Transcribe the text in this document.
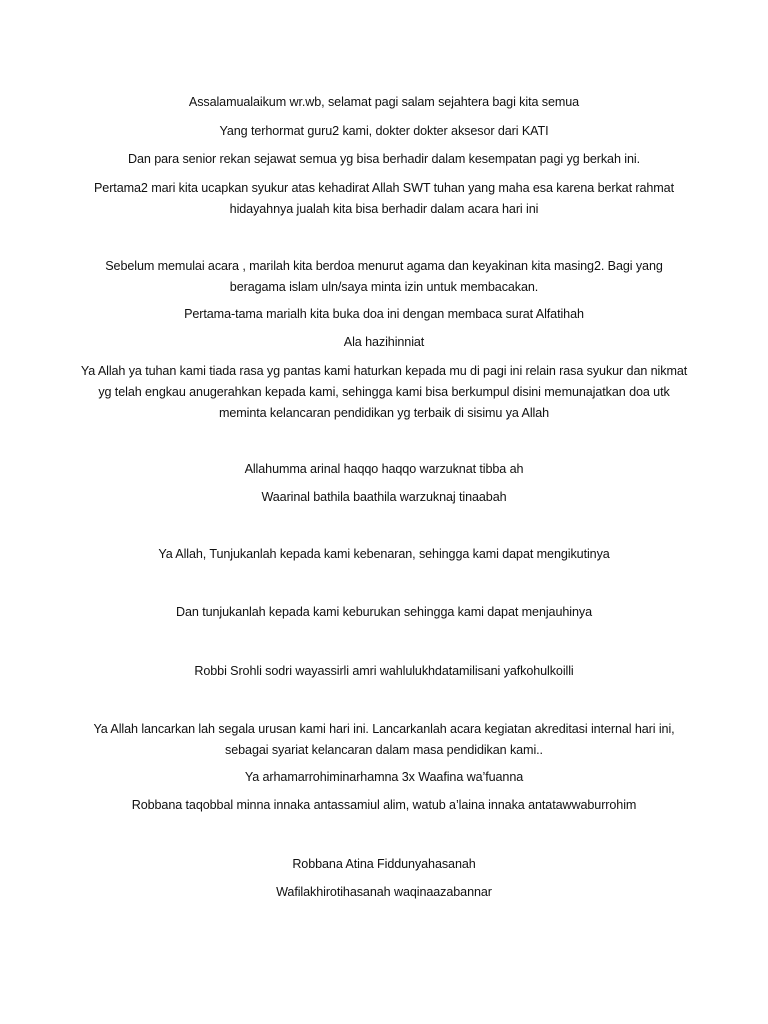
Assalamualaikum wr.wb, selamat pagi salam sejahtera bagi kita semua
Yang terhormat guru2 kami, dokter dokter aksesor dari KATI
Dan para senior rekan sejawat semua yg bisa berhadir dalam kesempatan pagi yg berkah ini.
Pertama2 mari kita ucapkan syukur atas kehadirat Allah SWT tuhan yang maha esa karena berkat rahmat hidayahnya jualah kita bisa berhadir dalam acara hari ini
Sebelum memulai acara , marilah kita berdoa menurut agama dan keyakinan kita masing2. Bagi yang beragama islam uln/saya minta izin untuk membacakan.
Pertama-tama marialh kita buka doa ini dengan membaca surat Alfatihah
Ala hazihinniat
Ya Allah ya tuhan kami tiada rasa yg pantas kami haturkan kepada mu di pagi ini relain rasa syukur dan nikmat yg telah engkau anugerahkan kepada kami, sehingga kami bisa berkumpul disini memunajatkan doa utk meminta kelancaran pendidikan yg terbaik di sisimu ya Allah
Allahumma arinal haqqo haqqo warzuknat tibba ah
Waarinal bathila baathila warzuknaj tinaabah
Ya Allah, Tunjukanlah kepada kami kebenaran, sehingga kami dapat mengikutinya
Dan tunjukanlah kepada kami keburukan sehingga kami dapat menjauhinya
Robbi Srohli sodri wayassirli amri wahlulukhdatamilisani yafkohulkoilli
Ya Allah lancarkan lah segala urusan kami hari ini. Lancarkanlah acara kegiatan akreditasi internal hari ini, sebagai syariat kelancaran dalam masa pendidikan kami..
Ya arhamarrohiminarhamna 3x Waafina wa’fuanna
Robbana taqobbal minna innaka antassamiul alim, watub a’laina innaka antatawwaburrohim
Robbana Atina Fiddunyahasanah
Wafilakhirotihasanah waqinaazabannar
